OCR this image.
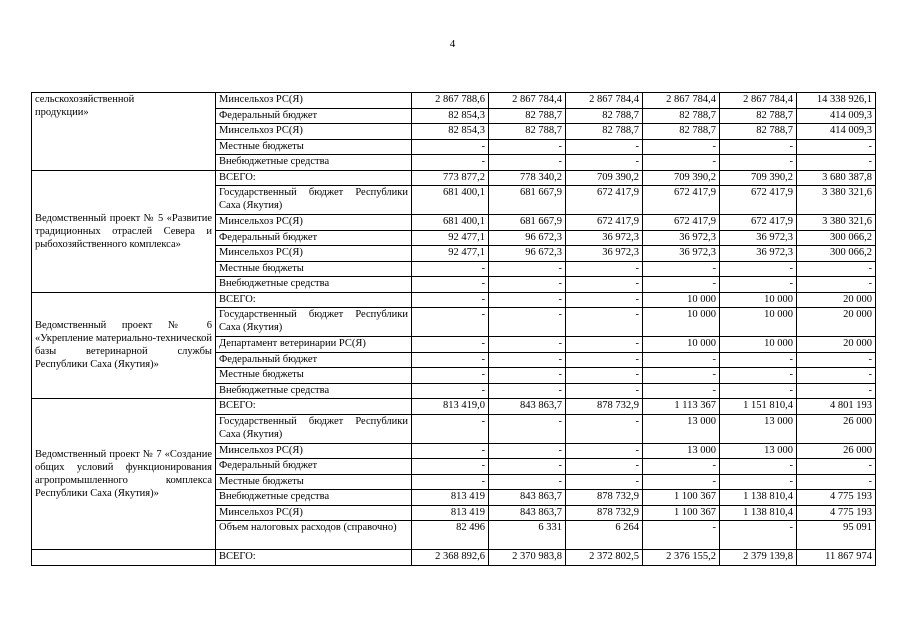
4
сельскохозяйственной
продукции»	Минсельхоз РС(Я)	2 867 788,6	2 867 784,4	2 867 784,4	2 867 784,4	2 867 784,4	14 338 926,1
	Федеральный бюджет	82 854,3	82 788,7	82 788,7	82 788,7	82 788,7	414 009,3
	Минсельхоз РС(Я)	82 854,3	82 788,7	82 788,7	82 788,7	82 788,7	414 009,3
	Местные бюджеты	-	-	-	-	-	-
	Внебюджетные средства	-	-	-	-	-	-
Ведомственный проект № 5 «Развитие традиционных отраслей Севера и рыбохозяйственного комплекса»	ВСЕГО:	773 877,2	778 340,2	709 390,2	709 390,2	709 390,2	3 680 387,8
	Государственный бюджет Республики Саха (Якутия)	681 400,1	681 667,9	672 417,9	672 417,9	672 417,9	3 380 321,6
	Минсельхоз РС(Я)	681 400,1	681 667,9	672 417,9	672 417,9	672 417,9	3 380 321,6
	Федеральный бюджет	92 477,1	96 672,3	36 972,3	36 972,3	36 972,3	300 066,2
	Минсельхоз РС(Я)	92 477,1	96 672,3	36 972,3	36 972,3	36 972,3	300 066,2
	Местные бюджеты	-	-	-	-	-	-
	Внебюджетные средства	-	-	-	-	-	-
Ведомственный проект № 6 «Укрепление материально-технической базы ветеринарной службы Республики Саха (Якутия)»	ВСЕГО:	-	-	-	10 000	10 000	20 000
	Государственный бюджет Республики Саха (Якутия)	-	-	-	10 000	10 000	20 000
	Департамент ветеринарии РС(Я)	-	-	-	10 000	10 000	20 000
	Федеральный бюджет	-	-	-	-	-	-
	Местные бюджеты	-	-	-	-	-	-
	Внебюджетные средства	-	-	-	-	-	-
Ведомственный проект № 7 «Создание общих условий функционирования агропромышленного комплекса Республики Саха (Якутия)»	ВСЕГО:	813 419,0	843 863,7	878 732,9	1 113 367	1 151 810,4	4 801 193
	Государственный бюджет Республики Саха (Якутия)	-	-	-	13 000	13 000	26 000
	Минсельхоз РС(Я)	-	-	-	13 000	13 000	26 000
	Федеральный бюджет	-	-	-	-	-	-
	Местные бюджеты	-	-	-	-	-	-
	Внебюджетные средства	813 419	843 863,7	878 732,9	1 100 367	1 138 810,4	4 775 193
	Минсельхоз РС(Я)	813 419	843 863,7	878 732,9	1 100 367	1 138 810,4	4 775 193
	Объем налоговых расходов (справочно)	82 496	6 331	6 264	-	-	95 091
	ВСЕГО:	2 368 892,6	2 370 983,8	2 372 802,5	2 376 155,2	2 379 139,8	11 867 974
